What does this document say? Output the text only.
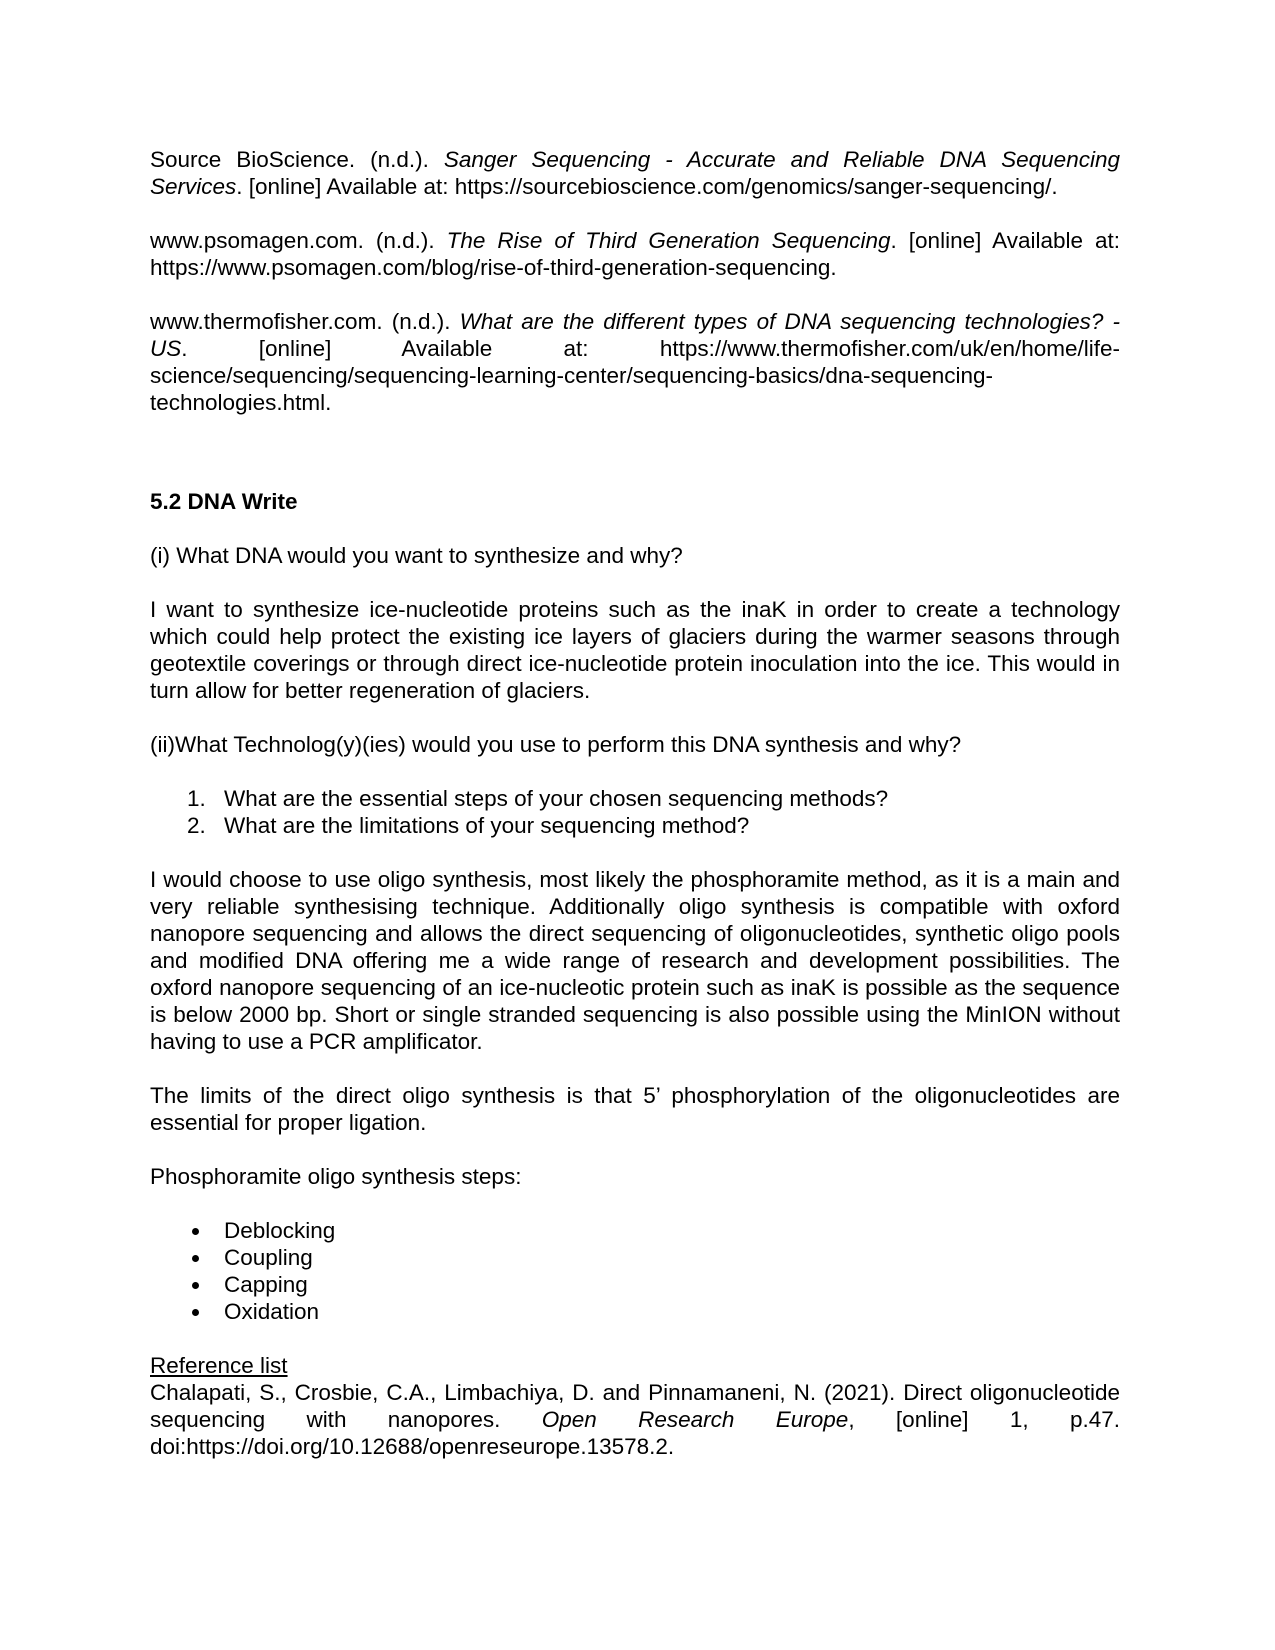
Source BioScience. (n.d.). Sanger Sequencing - Accurate and Reliable DNA Sequencing Services. [online] Available at: https://sourcebioscience.com/genomics/sanger-sequencing/.

www.psomagen.com. (n.d.). The Rise of Third Generation Sequencing. [online] Available at: https://www.psomagen.com/blog/rise-of-third-generation-sequencing.

www.thermofisher.com. (n.d.). What are the different types of DNA sequencing technologies? - US. [online] Available at: https://www.thermofisher.com/uk/en/home/life-science/sequencing/sequencing-learning-center/sequencing-basics/dna-sequencing-technologies.html.

5.2 DNA Write

(i) What DNA would you want to synthesize and why?

I want to synthesize ice-nucleotide proteins such as the inaK in order to create a technology which could help protect the existing ice layers of glaciers during the warmer seasons through geotextile coverings or through direct ice-nucleotide protein inoculation into the ice. This would in turn allow for better regeneration of glaciers.

(ii)What Technolog(y)(ies) would you use to perform this DNA synthesis and why?

1. What are the essential steps of your chosen sequencing methods?
2. What are the limitations of your sequencing method?

I would choose to use oligo synthesis, most likely the phosphoramite method, as it is a main and very reliable synthesising technique. Additionally oligo synthesis is compatible with oxford nanopore sequencing and allows the direct sequencing of oligonucleotides, synthetic oligo pools and modified DNA offering me a wide range of research and development possibilities. The oxford nanopore sequencing of an ice-nucleotic protein such as inaK is possible as the sequence is below 2000 bp. Short or single stranded sequencing is also possible using the MinION without having to use a PCR amplificator.

The limits of the direct oligo synthesis is that 5’ phosphorylation of the oligonucleotides are essential for proper ligation.

Phosphoramite oligo synthesis steps:

• Deblocking
• Coupling
• Capping
• Oxidation

Reference list

Chalapati, S., Crosbie, C.A., Limbachiya, D. and Pinnamaneni, N. (2021). Direct oligonucleotide sequencing with nanopores. Open Research Europe, [online] 1, p.47. doi:https://doi.org/10.12688/openreseurope.13578.2.
